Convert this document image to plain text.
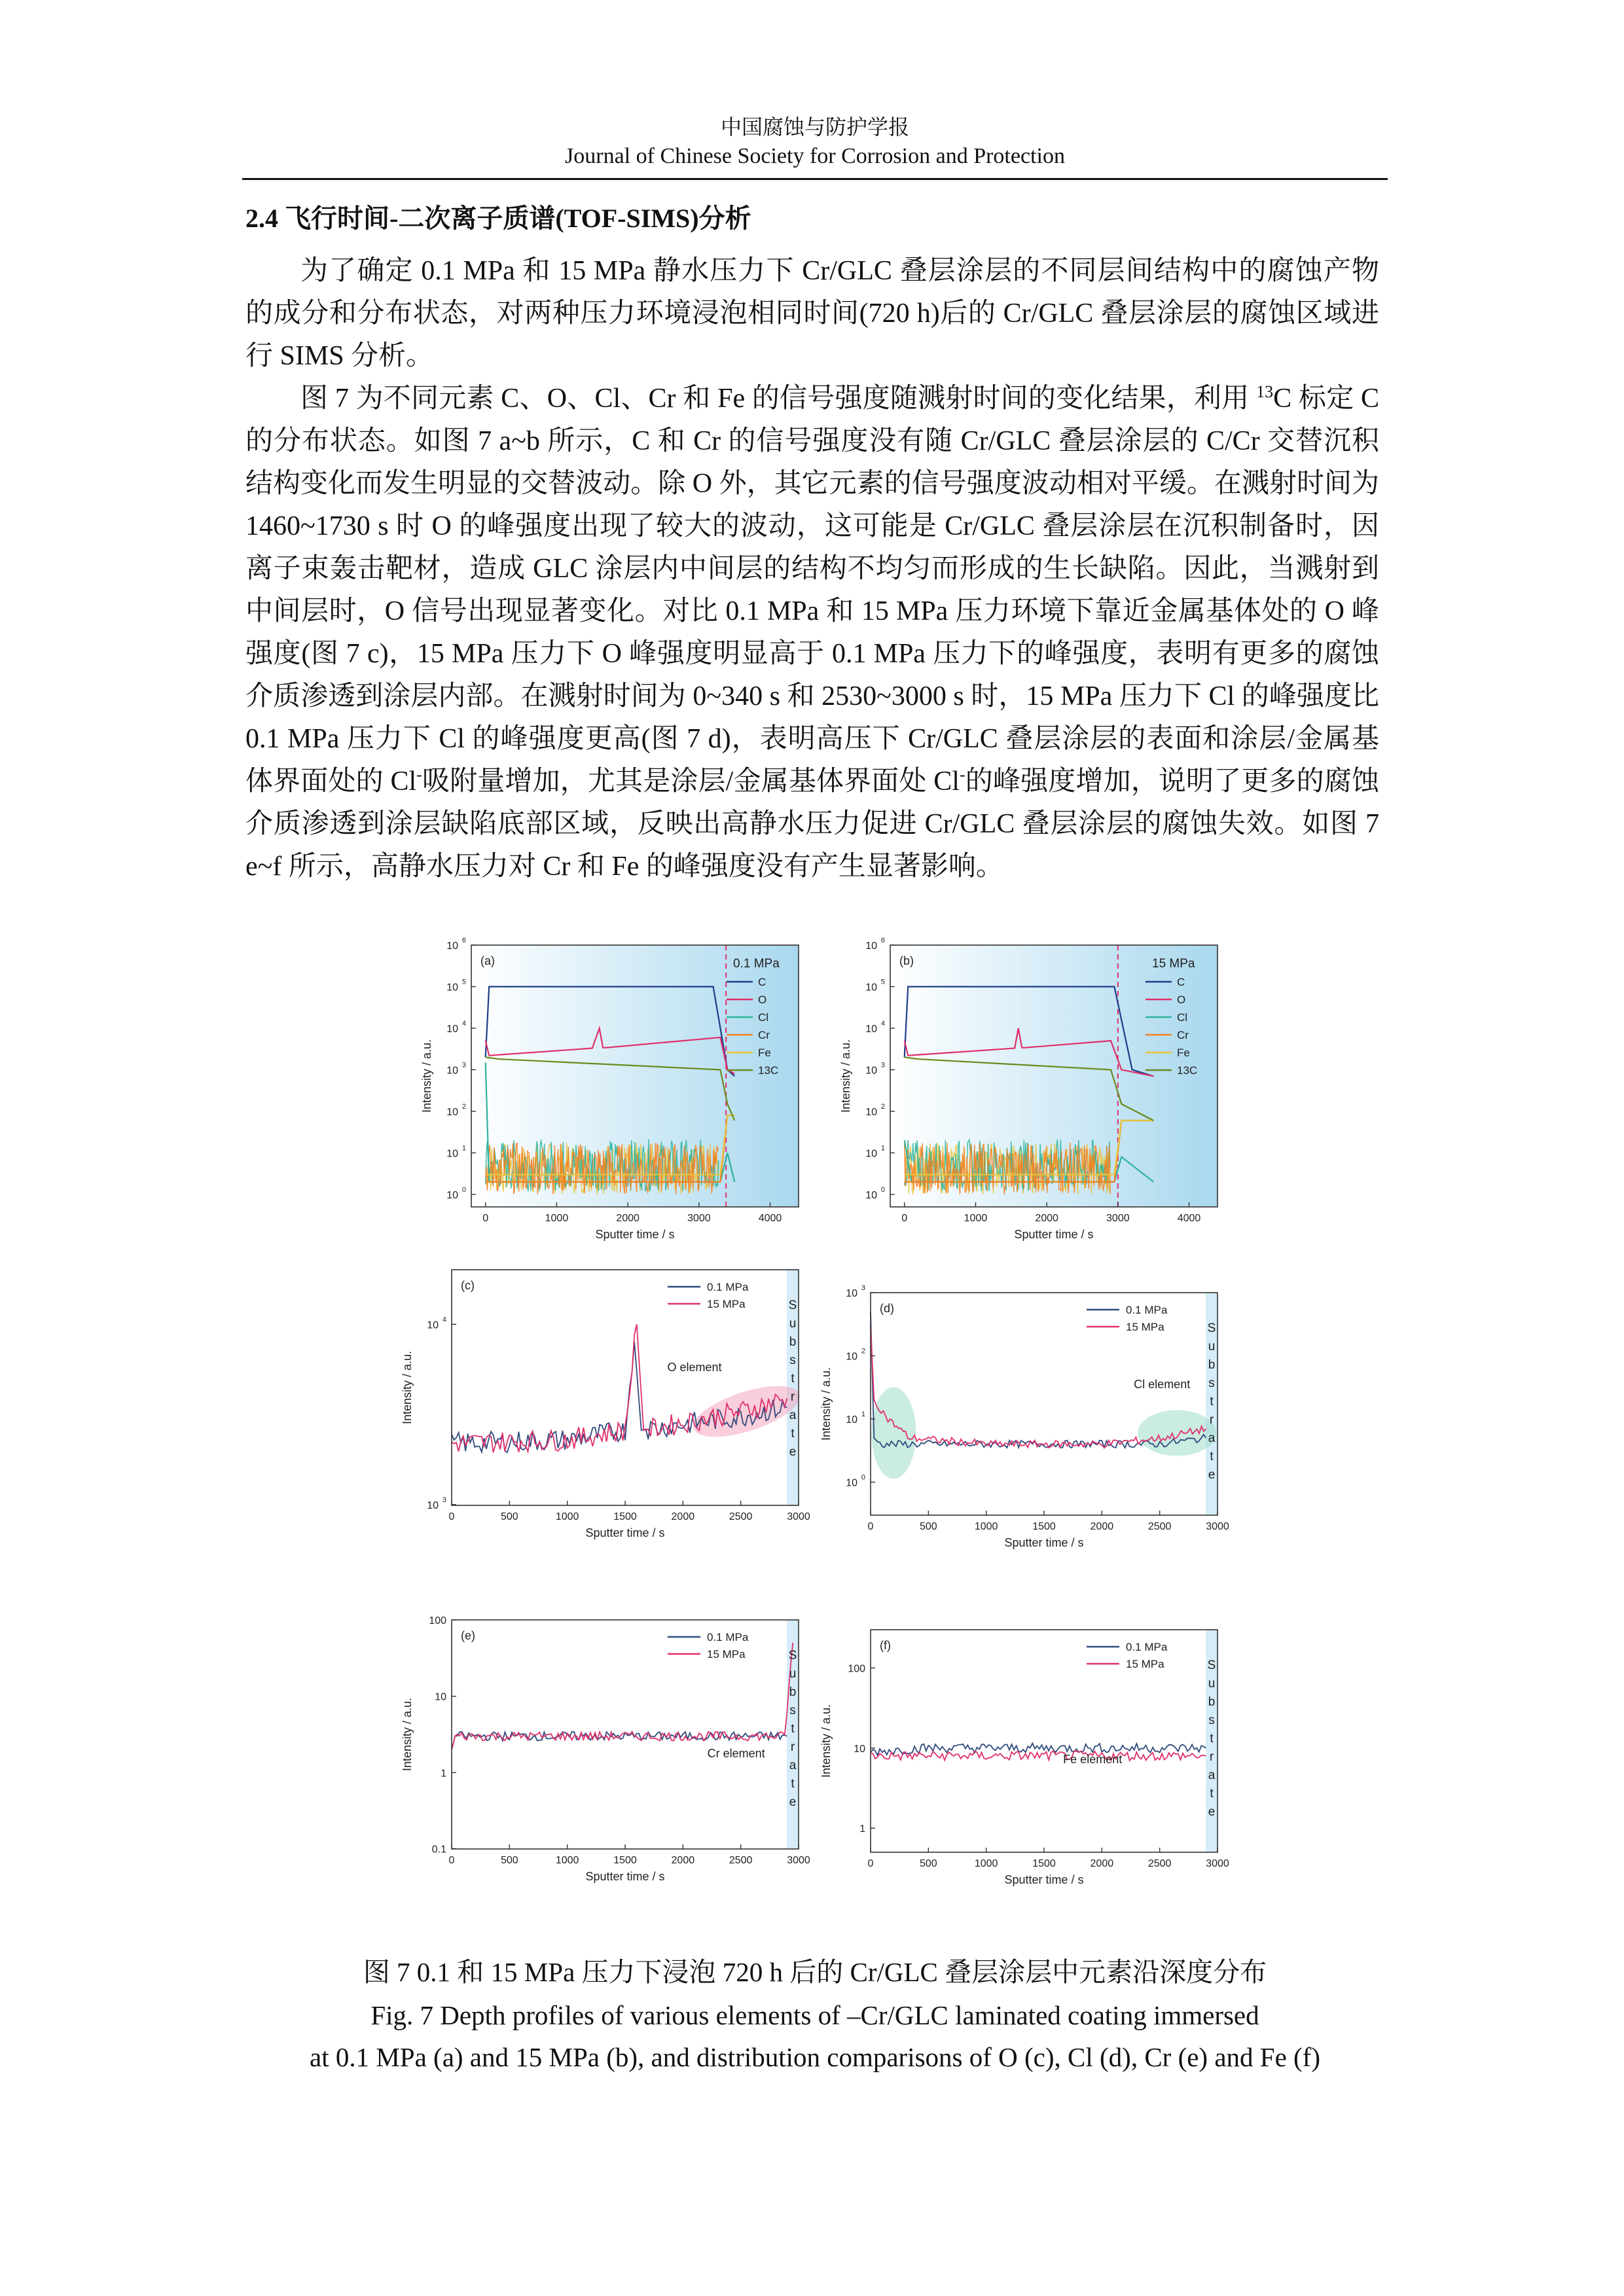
中国腐蚀与防护学报
Journal of Chinese Society for Corrosion and Protection
2.4 飞行时间-二次离子质谱(TOF-SIMS)分析

为了确定 0.1 MPa 和 15 MPa 静水压力下 Cr/GLC 叠层涂层的不同层间结构中的腐蚀产物的成分和分布状态，对两种压力环境浸泡相同时间(720 h)后的 Cr/GLC 叠层涂层的腐蚀区域进行 SIMS 分析。

图 7 为不同元素 C、O、Cl、Cr 和 Fe 的信号强度随溅射时间的变化结果，利用 $^{13}$C 标定 C 的分布状态。如图 7 a~b 所示，C 和 Cr 的信号强度没有随 Cr/GLC 叠层涂层的 C/Cr 交替沉积结构变化而发生明显的交替波动。除 O 外，其它元素的信号强度波动相对平缓。在溅射时间为 1460~1730 s 时 O 的峰强度出现了较大的波动，这可能是 Cr/GLC 叠层涂层在沉积制备时，因离子束轰击靶材，造成 GLC 涂层内中间层的结构不均匀而形成的生长缺陷。因此，当溅射到中间层时，O 信号出现显著变化。对比 0.1 MPa 和 15 MPa 压力环境下靠近金属基体处的 O 峰强度(图 7 c)，15 MPa 压力下 O 峰强度明显高于 0.1 MPa 压力下的峰强度，表明有更多的腐蚀介质渗透到涂层内部。在溅射时间为 0~340 s 和 2530~3000 s 时，15 MPa 压力下 Cl 的峰强度比 0.1 MPa 压力下 Cl 的峰强度更高(图 7 d)，表明高压下 Cr/GLC 叠层涂层的表面和涂层/金属基体界面处的 Cl-吸附量增加，尤其是涂层/金属基体界面处 Cl-的峰强度增加，说明了更多的腐蚀介质渗透到涂层缺陷底部区域，反映出高静水压力促进 Cr/GLC 叠层涂层的腐蚀失效。如图 7 e~f 所示，高静水压力对 Cr 和 Fe 的峰强度没有产生显著影响。

0	1000	2000	3000	4000
10 0
10 1
10 2
10 3
10 4
10 5
10 6
Sputter time / s
Intensity / a.u.
(a)	0.1 MPa
C
O
Cl
Cr
Fe
13C
0	1000	2000	3000	4000
10 0
10 1
10 2
10 3
10 4
10 5
10 6
Sputter time / s
Intensity / a.u.
(b)	15 MPa
C
O
Cl
Cr
Fe
13C
0	500	1000	1500	2000	2500	3000
10 3
10 4
Sputter time / s
Intensity / a.u.
(c)	0.1 MPa
15 MPa
O element
S
u
b
s
t
r
a
t
e
0	500	1000	1500	2000	2500	3000
10 0
10 1
10 2
10 3
Sputter time / s
Intensity / a.u.
(d)	0.1 MPa
15 MPa
Cl element
S
u
b
s
t
r
a
t
e
0	500	1000	1500	2000	2500	3000
0.1
1
10
100
Sputter time / s
Intensity / a.u.
(e)	0.1 MPa
15 MPa
Cr element
S
u
b
s
t
r
a
t
e
0	500	1000	1500	2000	2500	3000
1
10
100
Sputter time / s
Intensity / a.u.
(f)	0.1 MPa
15 MPa
Fe element
S
u
b
s
t
r
a
t
e
图 7 0.1 和 15 MPa 压力下浸泡 720 h 后的 Cr/GLC 叠层涂层中元素沿深度分布
Fig. 7 Depth profiles of various elements of –Cr/GLC laminated coating immersed
at 0.1 MPa (a) and 15 MPa (b), and distribution comparisons of O (c), Cl (d), Cr (e) and Fe (f)
